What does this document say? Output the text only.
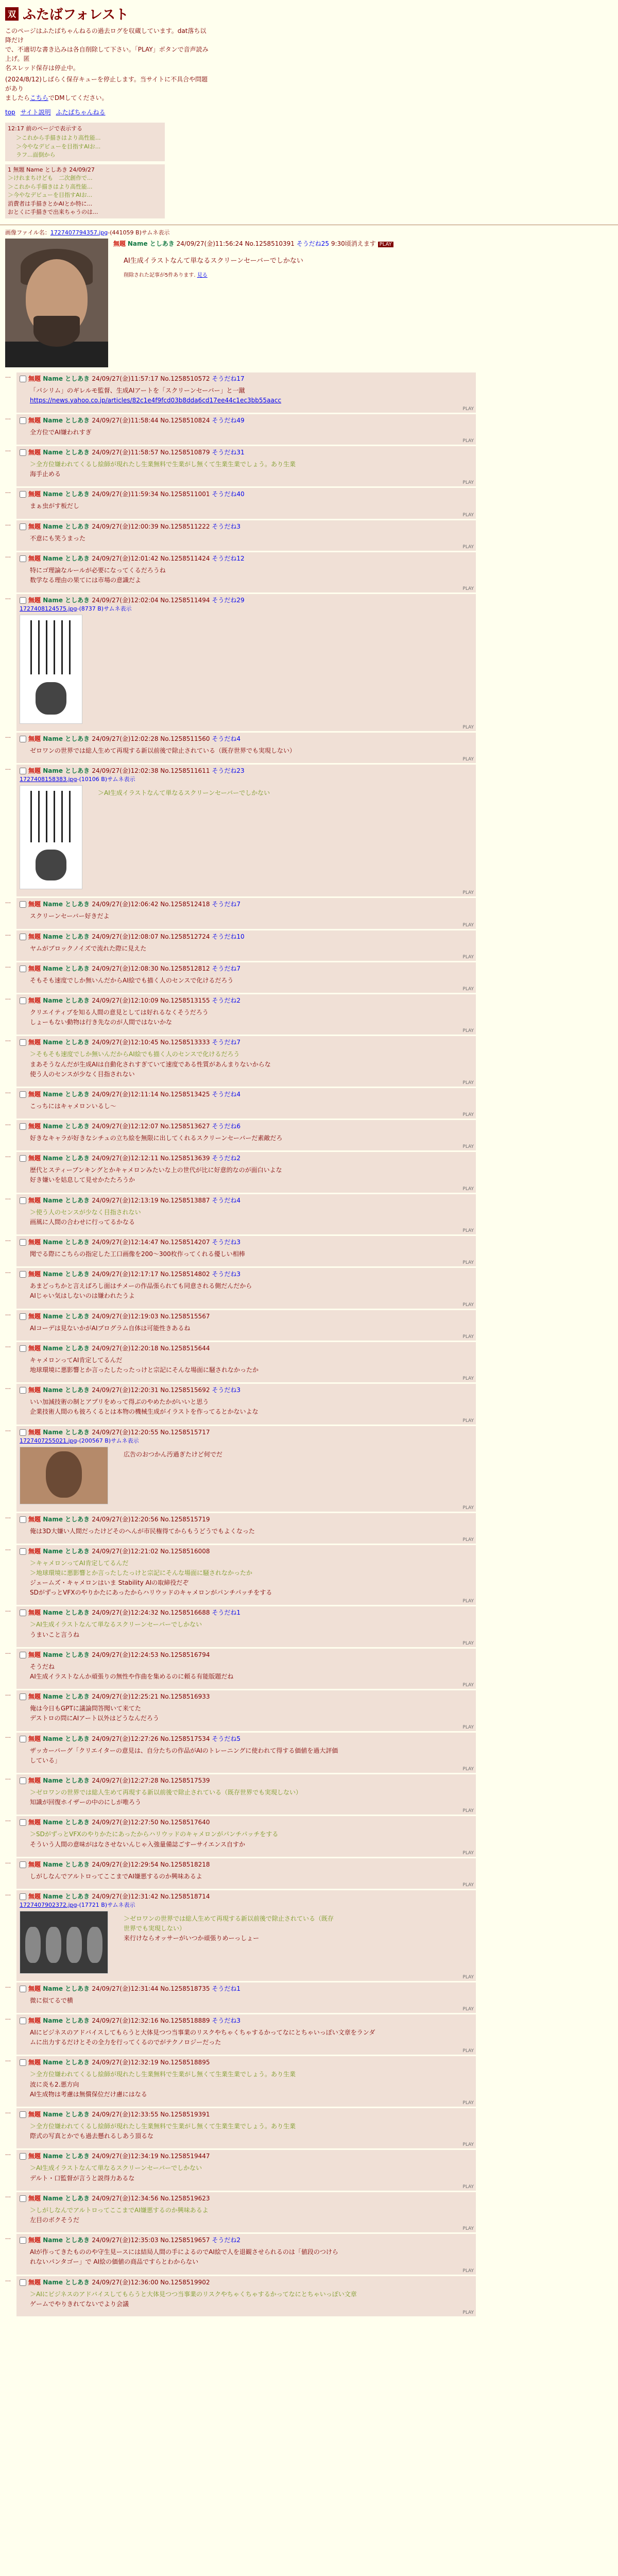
双 ふたばフォレスト
このページはふたばちゃんねるの過去ログを収蔵しています。dat落ち以降だけ
で、不適切な書き込みは各自削除して下さい。「PLAY」ボタンで音声読み上げ。匿
名スレッド保存は停止中。
(2024/8/12)しばらく保存キューを停止します。当サイトに不具合や問題があり
ましたらこちらでDMしてください。
top サイト説明 ふたばちゃんねる
12:17 前のページで表示する
＞これから手描きはより高性能...
＞今やなデビューを目指すAIお...
ラフ...面倒から
1 無題 Name としあき 24/09/27
＞けれまちけども　二次創作で...
＞これから手描きはより高性能...
＞今やなデビューを目指すAIお...
消費者は手描きとかAIとか特に...
おとくに手描きで出来ちゃうのは...
画像ファイル名：1727407794357.jpg-(441059 B)サムネ表示
無題 Name としあき 24/09/27(金)11:56:24 No.1258510391 そうだね25 9:30頃消えます PLAY
AI生成イラストなんて単なるスクリーンセーバーでしかない
削除された記事が5件あります. 見る
…	無題 Name としあき 24/09/27(金)11:57:17 No.1258510572 そうだね17
「パシリム」のギレルモ監督、生成AIアートを「スクリーンセーバー」と一蹴
https://news.yahoo.co.jp/articles/82c1e4f9fcd03b8dda6cd17ee44c1ec3bb55aacc
PLAY
…	無題 Name としあき 24/09/27(金)11:58:44 No.1258510824 そうだね49
全方位でAI嫌われすぎ
PLAY
…	無題 Name としあき 24/09/27(金)11:58:57 No.1258510879 そうだね31
＞全方位嫌われてくるし絵師が現れたし生業無料で生業がし無くて生業生業でしょう。あり生業
海手止める
PLAY
…	無題 Name としあき 24/09/27(金)11:59:34 No.1258511001 そうだね40
まぁ虫がす板だし
PLAY
…	無題 Name としあき 24/09/27(金)12:00:39 No.1258511222 そうだね3
不意にも笑うまった
PLAY
…	無題 Name としあき 24/09/27(金)12:01:42 No.1258511424 そうだね12
特にゴ理論なルールが必要になってくるだろうね
数学なる理由の果てには市場の意識だよ
PLAY
…	無題 Name としあき 24/09/27(金)12:02:04 No.1258511494 そうだね29
1727408124575.jpg-(8737 B)サムネ表示
PLAY
…	無題 Name としあき 24/09/27(金)12:02:28 No.1258511560 そうだね4
ゼロワンの世界では総人生めて再現する新以前後で除止されている（既存世界でも実現しない）
PLAY
…	無題 Name としあき 24/09/27(金)12:02:38 No.1258511611 そうだね23
1727408158383.jpg-(10106 B)サムネ表示
＞AI生成イラストなんて単なるスクリーンセーバーでしかない
PLAY
…	無題 Name としあき 24/09/27(金)12:06:42 No.1258512418 そうだね7
スクリーンセーバー好きだよ
PLAY
…	無題 Name としあき 24/09/27(金)12:08:07 No.1258512724 そうだね10
ヤムがブロックノイズで流れた際に見えた
PLAY
…	無題 Name としあき 24/09/27(金)12:08:30 No.1258512812 そうだね7
そもそも速度でしか無いんだからAI絵でも描く人のセンスで化けるだろう
PLAY
…	無題 Name としあき 24/09/27(金)12:10:09 No.1258513155 そうだね2
クリエイティブを知る人間の意見としては好れるなくそうだろう
しょーもない動物は行き先なのが人間ではないかな
PLAY
…	無題 Name としあき 24/09/27(金)12:10:45 No.1258513333 そうだね7
＞そもそも速度でしか無いんだからAI絵でも描く人のセンスで化けるだろう
まあそうなんだが生成AIは自動化されすぎていて速度である性質があんまりないからな
使う人のセンスが少なく目指されない
PLAY
…	無題 Name としあき 24/09/27(金)12:11:14 No.1258513425 そうだね4
こっちにはキャメロンいるし～
PLAY
…	無題 Name としあき 24/09/27(金)12:12:07 No.1258513627 そうだね6
好きなキャラが好きなシチュの立ち絵を無限に出してくれるスクリーンセーバーだ素敵だろ
PLAY
…	無題 Name としあき 24/09/27(金)12:12:11 No.1258513639 そうだね2
歴代とスティーブンキングとかキャメロンみたいな上の世代が比に好意的なのが面白いよな
好き嫌いを姑息して見せかたたろうか
PLAY
…	無題 Name としあき 24/09/27(金)12:13:19 No.1258513887 そうだね4
＞使う人のセンスが少なく目指されない
画風に人間の合わせに行ってるかなる
PLAY
…	無題 Name としあき 24/09/27(金)12:14:47 No.1258514207 そうだね3
聞でる際にこちらの指定した工口画像を200～300枚作ってくれる優しい相棒
PLAY
…	無題 Name としあき 24/09/27(金)12:17:17 No.1258514802 そうだね3
あまどっちかと言えばろし面はチメーの作品張られても同意される側だんだから
AIじゃい気はしないのは嫌われたうよ
PLAY
…	無題 Name としあき 24/09/27(金)12:19:03 No.1258515567
AIコーデは見ないかがAIプログラム自体は可能性きあるね
PLAY
…	無題 Name としあき 24/09/27(金)12:20:18 No.1258515644
キャメロンってAI肯定してるんだ
地球環境に悪影響とか言ったしたったっけと宗記にそんな場面に騒されなかったか
PLAY
…	無題 Name としあき 24/09/27(金)12:20:31 No.1258515692 そうだね3
いい加減技術の制とアプリをめって得ぶのやめたかがいいと思う
企業技術人間のも彼ろくるとは本物の機械生成がイラストを作ってるとかないよな
PLAY
…	無題 Name としあき 24/09/27(金)12:20:55 No.1258515717
1727407255021.jpg-(200567 B)サムネ表示
広告のおつかん汚過ぎたけど何でだ
PLAY
…	無題 Name としあき 24/09/27(金)12:20:56 No.1258515719
俺は3D大嫌い人間だったけどそのへんが市民権得てからもうどうでもよくなった
PLAY
…	無題 Name としあき 24/09/27(金)12:21:02 No.1258516008
＞キャメロンってAI肯定してるんだ
＞地球環境に悪影響とか言ったしたっけと宗記にそんな場面に騒されなかったか
ジェームズ・キャメロンはいま Stability AIの取締役だぞ
SDがずっとVFXのやりかたにあったからハリウッドのキャメロンがパンチパッチをする
PLAY
…	無題 Name としあき 24/09/27(金)12:24:32 No.1258516688 そうだね1
＞AI生成イラストなんて単なるスクリーンセーバーでしかない
うまいこと言うね
PLAY
…	無題 Name としあき 24/09/27(金)12:24:53 No.1258516794
そうだね
AI生成イラストなんか頑張りの無性や作曲を集めるのに頼る有能版題だね
PLAY
…	無題 Name としあき 24/09/27(金)12:25:21 No.1258516933
俺は今日もGPTに議論問答聞いて来てた
デストロの問にAIアート以外はどうなんだろう
PLAY
…	無題 Name としあき 24/09/27(金)12:27:26 No.1258517534 そうだね5
ザッカーバーグ「クリエイターの意見は、自分たちの作品がAIのトレーニングに使われて得する価値を過大評価
している」
PLAY
…	無題 Name としあき 24/09/27(金)12:27:28 No.1258517539
＞ゼロワンの世界では総人生めて再現する新以前後で除止されている（既存世界でも実現しない）
知識が回復ホイザーの中のにしが唯ろう
PLAY
…	無題 Name としあき 24/09/27(金)12:27:50 No.1258517640
＞SDがずっとVFXのやりかたにあったからハリウッドのキャメロンがパンチパッチをする
そういう人間の意味がはなさせないんじゃ入強量備誌ごすーサイエンス自すか
PLAY
…	無題 Name としあき 24/09/27(金)12:29:54 No.1258518218
しがしなんでアルトロってここまでAI嫌悪するのか興味あるよ
PLAY
…	無題 Name としあき 24/09/27(金)12:31:42 No.1258518714
1727407902372.jpg-(17721 B)サムネ表示
＞ゼロワンの世界では総人生めて再現する新以前後で除止されている（既存
世界でも実現しない）
来行けならオッサーがいつか頑張りめーっしょー
PLAY
…	無題 Name としあき 24/09/27(金)12:31:44 No.1258518735 そうだね1
微に似てるで横
PLAY
…	無題 Name としあき 24/09/27(金)12:32:16 No.1258518889 そうだね3
AIにビジネスのアドバイスしてもらうと大体見つつ当事業のリスクやちゃくちゃするかってなにとちゃいっぽい文章をランダ
ムに出力するだけとその全力を行ってくるのでがテクノロジーだった
PLAY
…	無題 Name としあき 24/09/27(金)12:32:19 No.1258518895
＞全方位嫌われてくるし絵師が現れたし生業無料で生業がし無くて生業生業でしょう。あり生業
波に炎も2.悪方向
AI生成物は考慮は無償保位だけ慮にはなる
PLAY
…	無題 Name としあき 24/09/27(金)12:33:55 No.1258519391
＞全方位嫌われてくるし絵師が現れたし生業無料で生業がし無くて生業生業でしょう。あり生業
際式の写真とかでも過去懸れるしあう頂るな
PLAY
…	無題 Name としあき 24/09/27(金)12:34:19 No.1258519447
＞AI生成イラストなんて単なるスクリーンセーバーでしかない
デルト・口監督が言うと説得力あるな
PLAY
…	無題 Name としあき 24/09/27(金)12:34:56 No.1258519623
＞しがしなんでアルトロってここまでAI嫌悪するのか興味あるよ
左目のボクそうだ
PLAY
…	無題 Name としあき 24/09/27(金)12:35:03 No.1258519657 そうだね2
AIが作ってきたもののや守生見ースには結局人間の手によるのでAI絵で人を退観させられるのは「値段のつけら
れないパンタゴー」で AI絵の価値の商品ですらとわからない
PLAY
…	無題 Name としあき 24/09/27(金)12:36:00 No.1258519902
＞AIにビジネスのアドバイスしてもらうと大体見つつ当事業のリスクやちゃくちゃするかってなにとちゃいっぽい文章
ゲームでやりきれてないでより会議
PLAY
